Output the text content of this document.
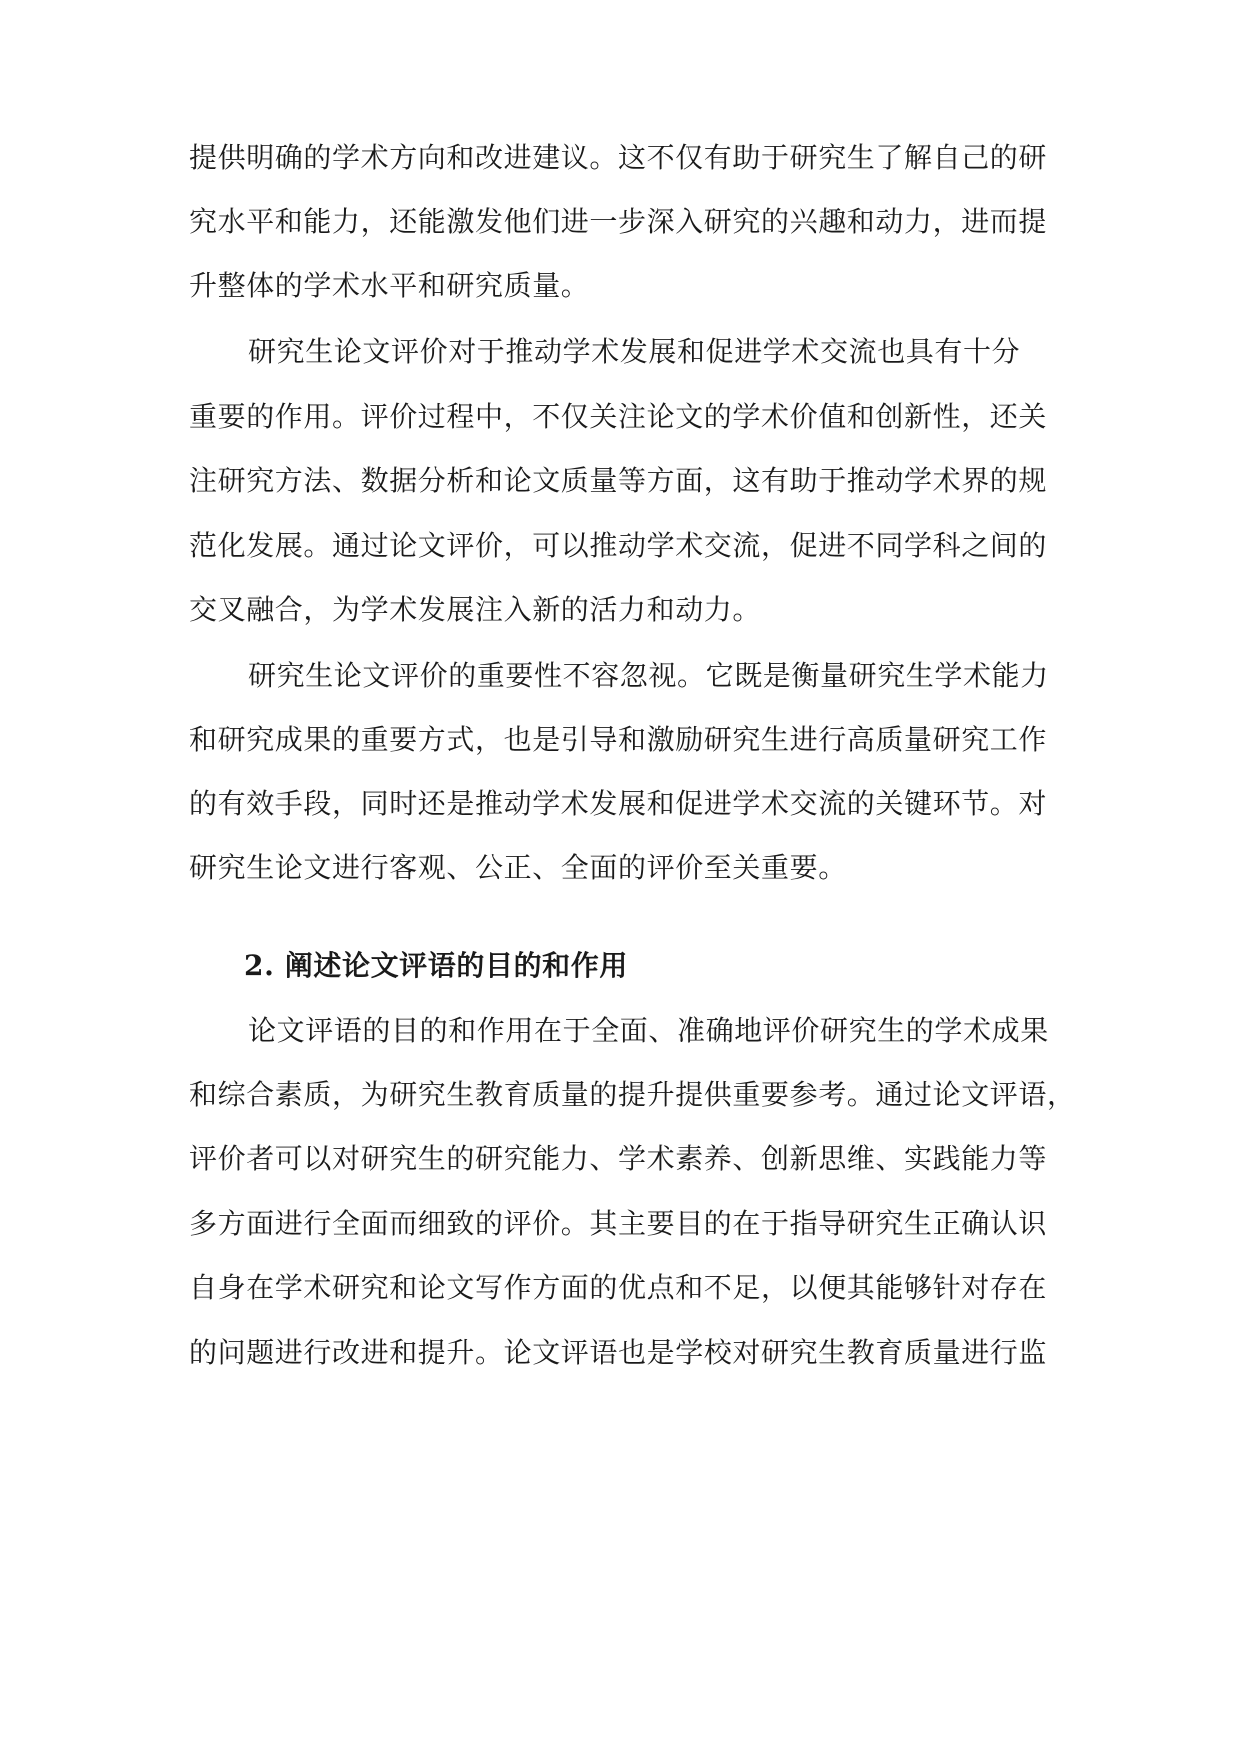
提供明确的学术方向和改进建议。这不仅有助于研究生了解自己的研
究水平和能力，还能激发他们进一步深入研究的兴趣和动力，进而提
升整体的学术水平和研究质量。
研究生论文评价对于推动学术发展和促进学术交流也具有十分
重要的作用。评价过程中，不仅关注论文的学术价值和创新性，还关
注研究方法、数据分析和论文质量等方面，这有助于推动学术界的规
范化发展。通过论文评价，可以推动学术交流，促进不同学科之间的
交叉融合，为学术发展注入新的活力和动力。
研究生论文评价的重要性不容忽视。它既是衡量研究生学术能力
和研究成果的重要方式，也是引导和激励研究生进行高质量研究工作
的有效手段，同时还是推动学术发展和促进学术交流的关键环节。对
研究生论文进行客观、公正、全面的评价至关重要。
2. 阐述论文评语的目的和作用
论文评语的目的和作用在于全面、准确地评价研究生的学术成果
和综合素质，为研究生教育质量的提升提供重要参考。通过论文评语，
评价者可以对研究生的研究能力、学术素养、创新思维、实践能力等
多方面进行全面而细致的评价。其主要目的在于指导研究生正确认识
自身在学术研究和论文写作方面的优点和不足，以便其能够针对存在
的问题进行改进和提升。论文评语也是学校对研究生教育质量进行监
